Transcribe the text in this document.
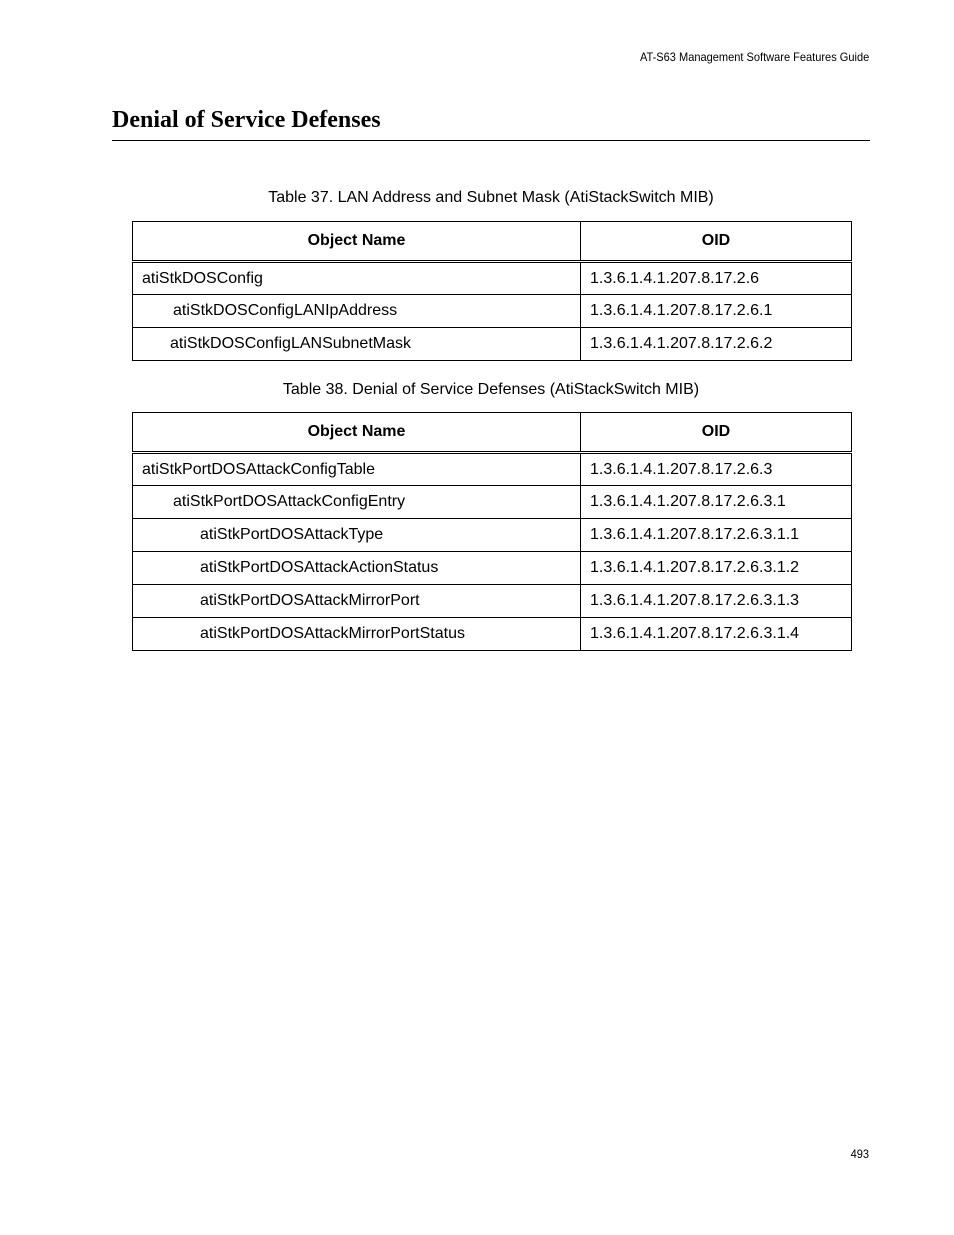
AT-S63 Management Software Features Guide
Denial of Service Defenses
Table 37. LAN Address and Subnet Mask (AtiStackSwitch MIB)
Object Name	OID
atiStkDOSConfig	1.3.6.1.4.1.207.8.17.2.6
atiStkDOSConfigLANIpAddress	1.3.6.1.4.1.207.8.17.2.6.1
atiStkDOSConfigLANSubnetMask	1.3.6.1.4.1.207.8.17.2.6.2
Table 38. Denial of Service Defenses (AtiStackSwitch MIB)
Object Name	OID
atiStkPortDOSAttackConfigTable	1.3.6.1.4.1.207.8.17.2.6.3
atiStkPortDOSAttackConfigEntry	1.3.6.1.4.1.207.8.17.2.6.3.1
atiStkPortDOSAttackType	1.3.6.1.4.1.207.8.17.2.6.3.1.1
atiStkPortDOSAttackActionStatus	1.3.6.1.4.1.207.8.17.2.6.3.1.2
atiStkPortDOSAttackMirrorPort	1.3.6.1.4.1.207.8.17.2.6.3.1.3
atiStkPortDOSAttackMirrorPortStatus	1.3.6.1.4.1.207.8.17.2.6.3.1.4
493
